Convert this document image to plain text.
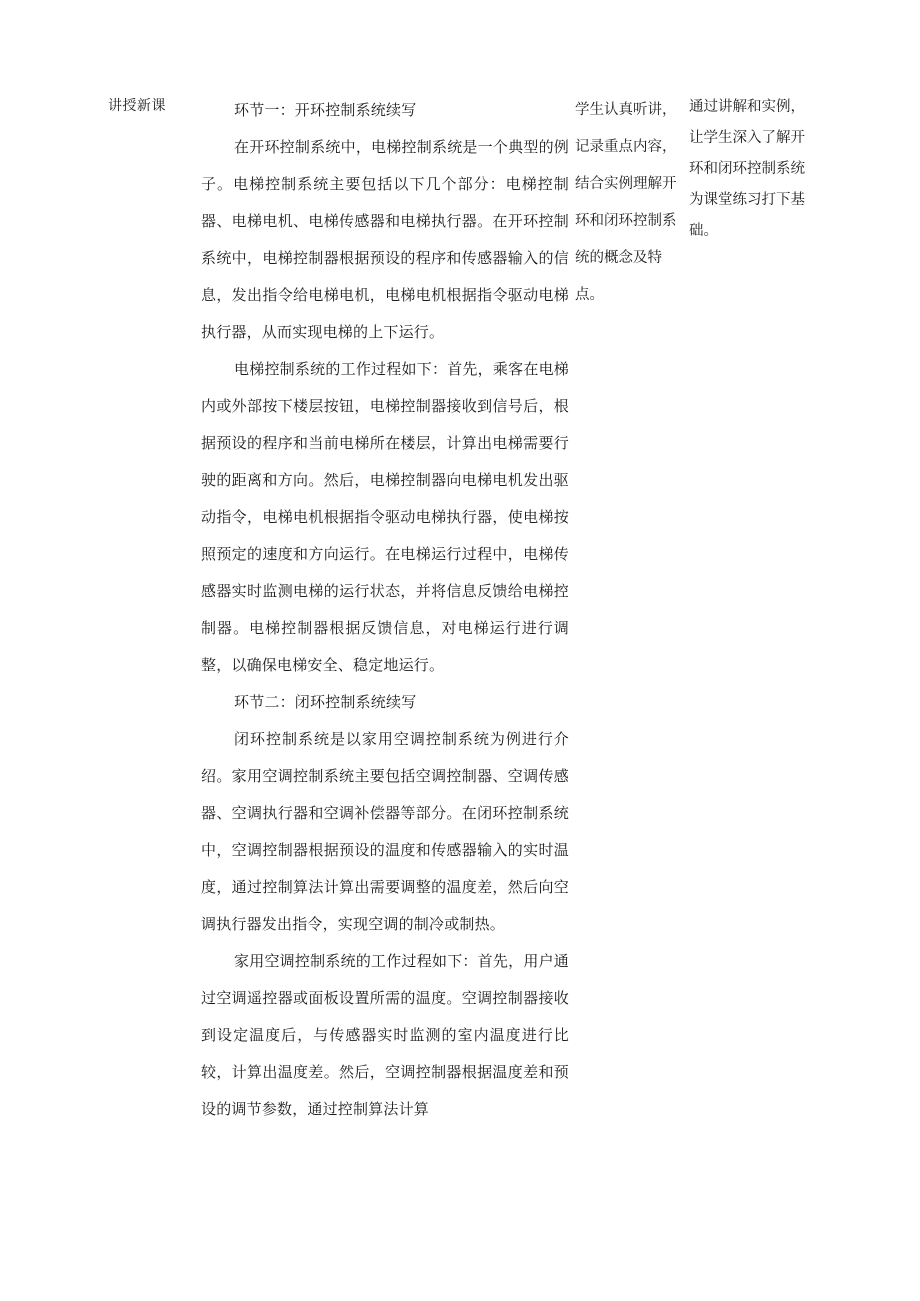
讲授新课	环节一：开环控制系统续写

在开环控制系统中，电梯控制系统是一个典型的例子。电梯控制系统主要包括以下几个部分：电梯控制器、电梯电机、电梯传感器和电梯执行器。在开环控制系统中，电梯控制器根据预设的程序和传感器输入的信息，发出指令给电梯电机，电梯电机根据指令驱动电梯执行器，从而实现电梯的上下运行。

电梯控制系统的工作过程如下：首先，乘客在电梯内或外部按下楼层按钮，电梯控制器接收到信号后，根据预设的程序和当前电梯所在楼层，计算出电梯需要行驶的距离和方向。然后，电梯控制器向电梯电机发出驱动指令，电梯电机根据指令驱动电梯执行器，使电梯按照预定的速度和方向运行。在电梯运行过程中，电梯传感器实时监测电梯的运行状态，并将信息反馈给电梯控制器。电梯控制器根据反馈信息，对电梯运行进行调整，以确保电梯安全、稳定地运行。

环节二：闭环控制系统续写

闭环控制系统是以家用空调控制系统为例进行介绍。家用空调控制系统主要包括空调控制器、空调传感器、空调执行器和空调补偿器等部分。在闭环控制系统中，空调控制器根据预设的温度和传感器输入的实时温度，通过控制算法计算出需要调整的温度差，然后向空调执行器发出指令，实现空调的制冷或制热。

家用空调控制系统的工作过程如下：首先，用户通过空调遥控器或面板设置所需的温度。空调控制器接收到设定温度后，与传感器实时监测的室内温度进行比较，计算出温度差。然后，空调控制器根据温度差和预设的调节参数，通过控制算法计算

学生认真听讲，记录重点内容，结合实例理解开环和闭环控制系统的概念及特点。

通过讲解和实例，让学生深入了解开环和闭环控制系统为课堂练习打下基础。
